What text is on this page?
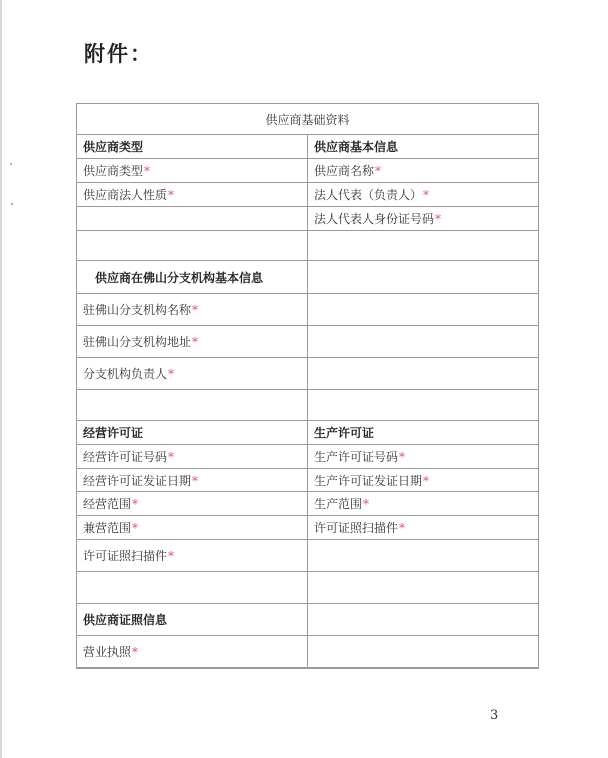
附件：
供应商基础资料	
供应商类型	供应商基本信息
供应商类型*	供应商名称*
供应商法人性质*	法人代表（负责人）*
	法人代表人身份证号码*

供应商在佛山分支机构基本信息	
驻佛山分支机构名称*	
驻佛山分支机构地址*	
分支机构负责人*	

经营许可证	生产许可证
经营许可证号码*	生产许可证号码*
经营许可证发证日期*	生产许可证发证日期*
经营范围*	生产范围*
兼营范围*	许可证照扫描件*
许可证照扫描件*	

供应商证照信息	
营业执照*	
3
